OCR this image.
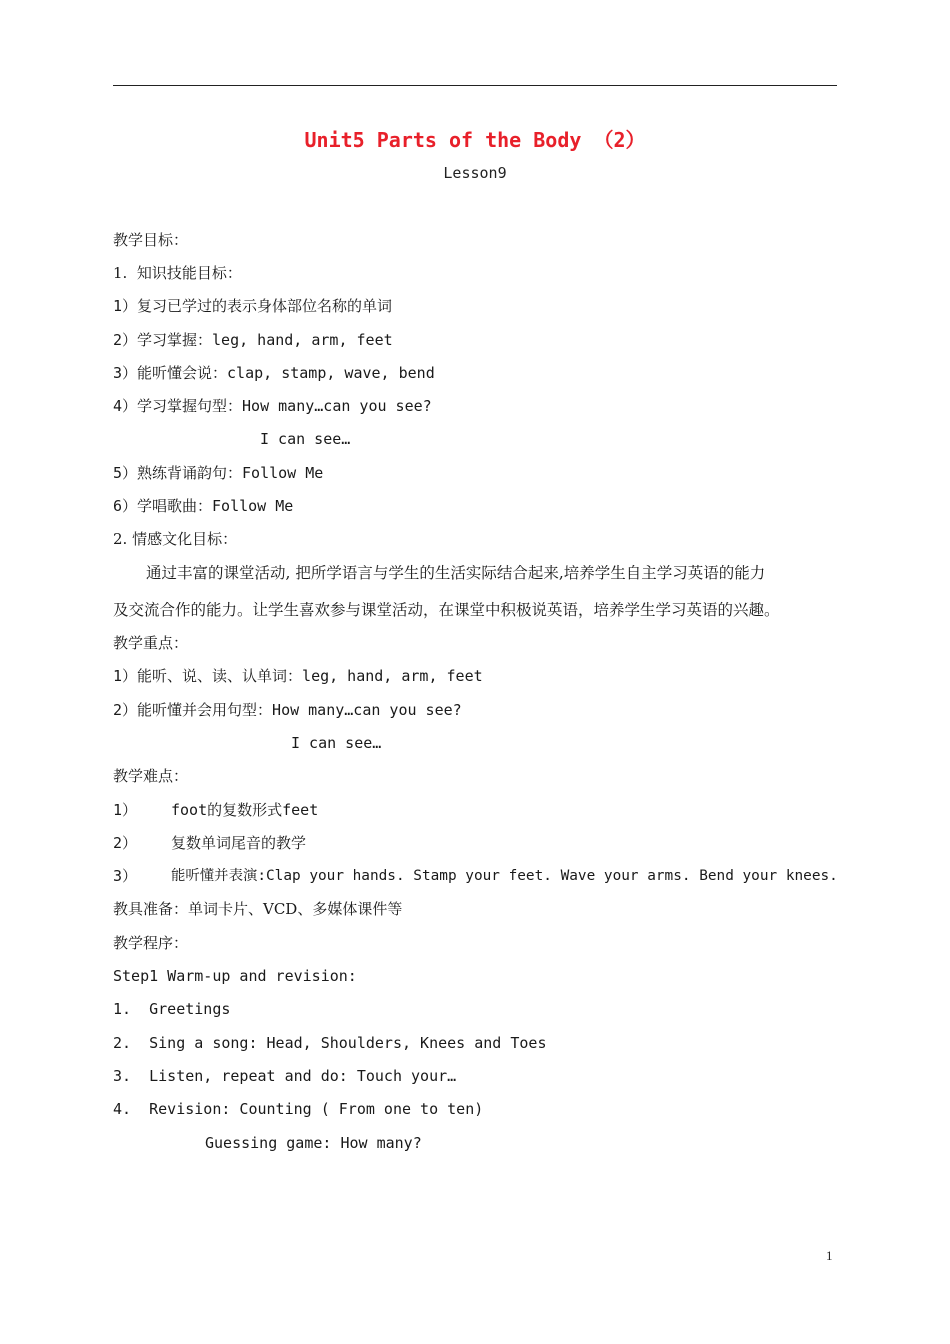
Unit5 Parts of the Body （2）
Lesson9
教学目标：
1.  知识技能目标：
1）复习已学过的表示身体部位名称的单词
2）学习掌握：leg, hand, arm, feet
3）能听懂会说：clap, stamp, wave, bend
4）学习掌握句型：How many…can you see?
I can see…
5）熟练背诵韵句：Follow Me
6）学唱歌曲：Follow Me
2. 情感文化目标：
通过丰富的课堂活动, 把所学语言与学生的生活实际结合起来,培养学生自主学习英语的能力
及交流合作的能力。让学生喜欢参与课堂活动，在课堂中积极说英语，培养学生学习英语的兴趣。
教学重点：
1）能听、说、读、认单词：leg, hand, arm, feet
2）能听懂并会用句型：How many…can you see?
I can see…
教学难点：
1） foot的复数形式feet
2） 复数单词尾音的教学
3） 能听懂并表演:Clap your hands. Stamp your feet. Wave your arms. Bend your knees.
教具准备：单词卡片、VCD、多媒体课件等
教学程序：
Step1 Warm-up and revision:
1.  Greetings
2.  Sing a song: Head, Shoulders, Knees and Toes
3.  Listen, repeat and do: Touch your…
4.  Revision: Counting ( From one to ten)
Guessing game: How many?
1
